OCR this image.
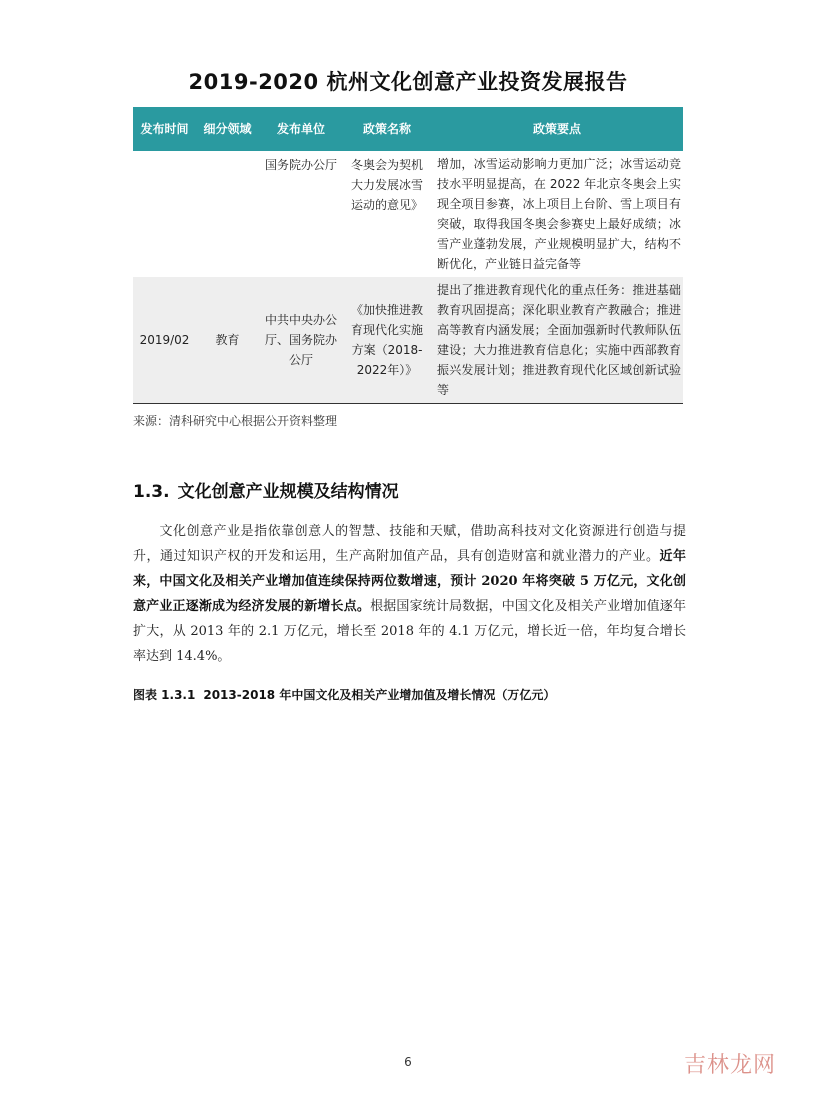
2019-2020 杭州文化创意产业投资发展报告
发布时间	细分领域	发布单位	政策名称	政策要点
		国务院办公厅	冬奥会为契机大力发展冰雪运动的意见》	增加，冰雪运动影响力更加广泛；冰雪运动竞技水平明显提高，在 2022 年北京冬奥会上实现全项目参赛，冰上项目上台阶、雪上项目有突破，取得我国冬奥会参赛史上最好成绩；冰雪产业蓬勃发展，产业规模明显扩大，结构不断优化，产业链日益完备等
2019/02	教育	中共中央办公厅、国务院办公厅	《加快推进教育现代化实施方案（2018-2022年）》	提出了推进教育现代化的重点任务：推进基础教育巩固提高；深化职业教育产教融合；推进高等教育内涵发展；全面加强新时代教师队伍建设；大力推进教育信息化；实施中西部教育振兴发展计划；推进教育现代化区域创新试验等
来源：清科研究中心根据公开资料整理
1.3. 文化创意产业规模及结构情况
文化创意产业是指依靠创意人的智慧、技能和天赋，借助高科技对文化资源进行创造与提升，通过知识产权的开发和运用，生产高附加值产品，具有创造财富和就业潜力的产业。近年来，中国文化及相关产业增加值连续保持两位数增速，预计 2020 年将突破 5 万亿元，文化创意产业正逐渐成为经济发展的新增长点。根据国家统计局数据，中国文化及相关产业增加值逐年扩大，从 2013 年的 2.1 万亿元，增长至 2018 年的 4.1 万亿元，增长近一倍，年均复合增长率达到 14.4%。
图表 1.3.1 2013-2018 年中国文化及相关产业增加值及增长情况（万亿元）
6	吉林龙网
